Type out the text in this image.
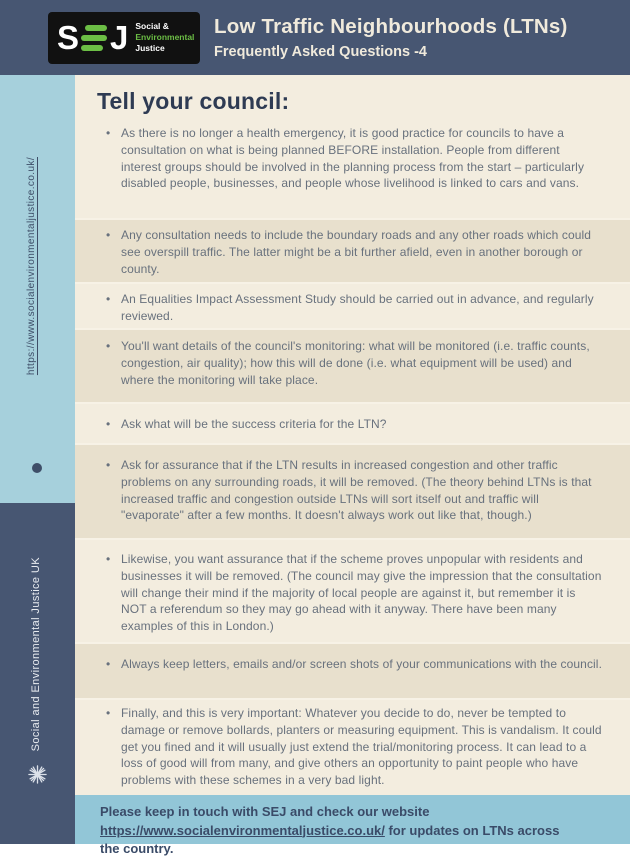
S J Social &
Environmental
Justice
Low Traffic Neighbourhoods (LTNs)
Frequently Asked Questions -4
https://www.socialenvironmentaljustice.co.uk/
Social and Environmental Justice UK
Tell your council:
• As there is no longer a health emergency, it is good practice for councils to have a consultation on what is being planned BEFORE installation. People from different interest groups should be involved in the planning process from the start – particularly disabled people, businesses, and people whose livelihood is linked to cars and vans.
• Any consultation needs to include the boundary roads and any other roads which could see overspill traffic. The latter might be a bit further afield, even in another borough or county.
• An Equalities Impact Assessment Study should be carried out in advance, and regularly reviewed.
• You'll want details of the council's monitoring: what will be monitored (i.e. traffic counts, congestion, air quality); how this will de done (i.e. what equipment will be used) and where the monitoring will take place.
• Ask what will be the success criteria for the LTN?
• Ask for assurance that if the LTN results in increased congestion and other traffic problems on any surrounding roads, it will be removed. (The theory behind LTNs is that increased traffic and congestion outside LTNs will sort itself out and traffic will "evaporate" after a few months. It doesn't always work out like that, though.)
• Likewise, you want assurance that if the scheme proves unpopular with residents and businesses it will be removed. (The council may give the impression that the consultation will change their mind if the majority of local people are against it, but remember it is NOT a referendum so they may go ahead with it anyway. There have been many examples of this in London.)
• Always keep letters, emails and/or screen shots of your communications with the council.
• Finally, and this is very important: Whatever you decide to do, never be tempted to damage or remove bollards, planters or measuring equipment. This is vandalism. It could get you fined and it will usually just extend the trial/monitoring process. It can lead to a loss of good will from many, and give others an opportunity to paint people who have problems with these schemes in a very bad light.

Please keep in touch with SEJ and check our website
https://www.socialenvironmentaljustice.co.uk/ for updates on LTNs across
the country.
